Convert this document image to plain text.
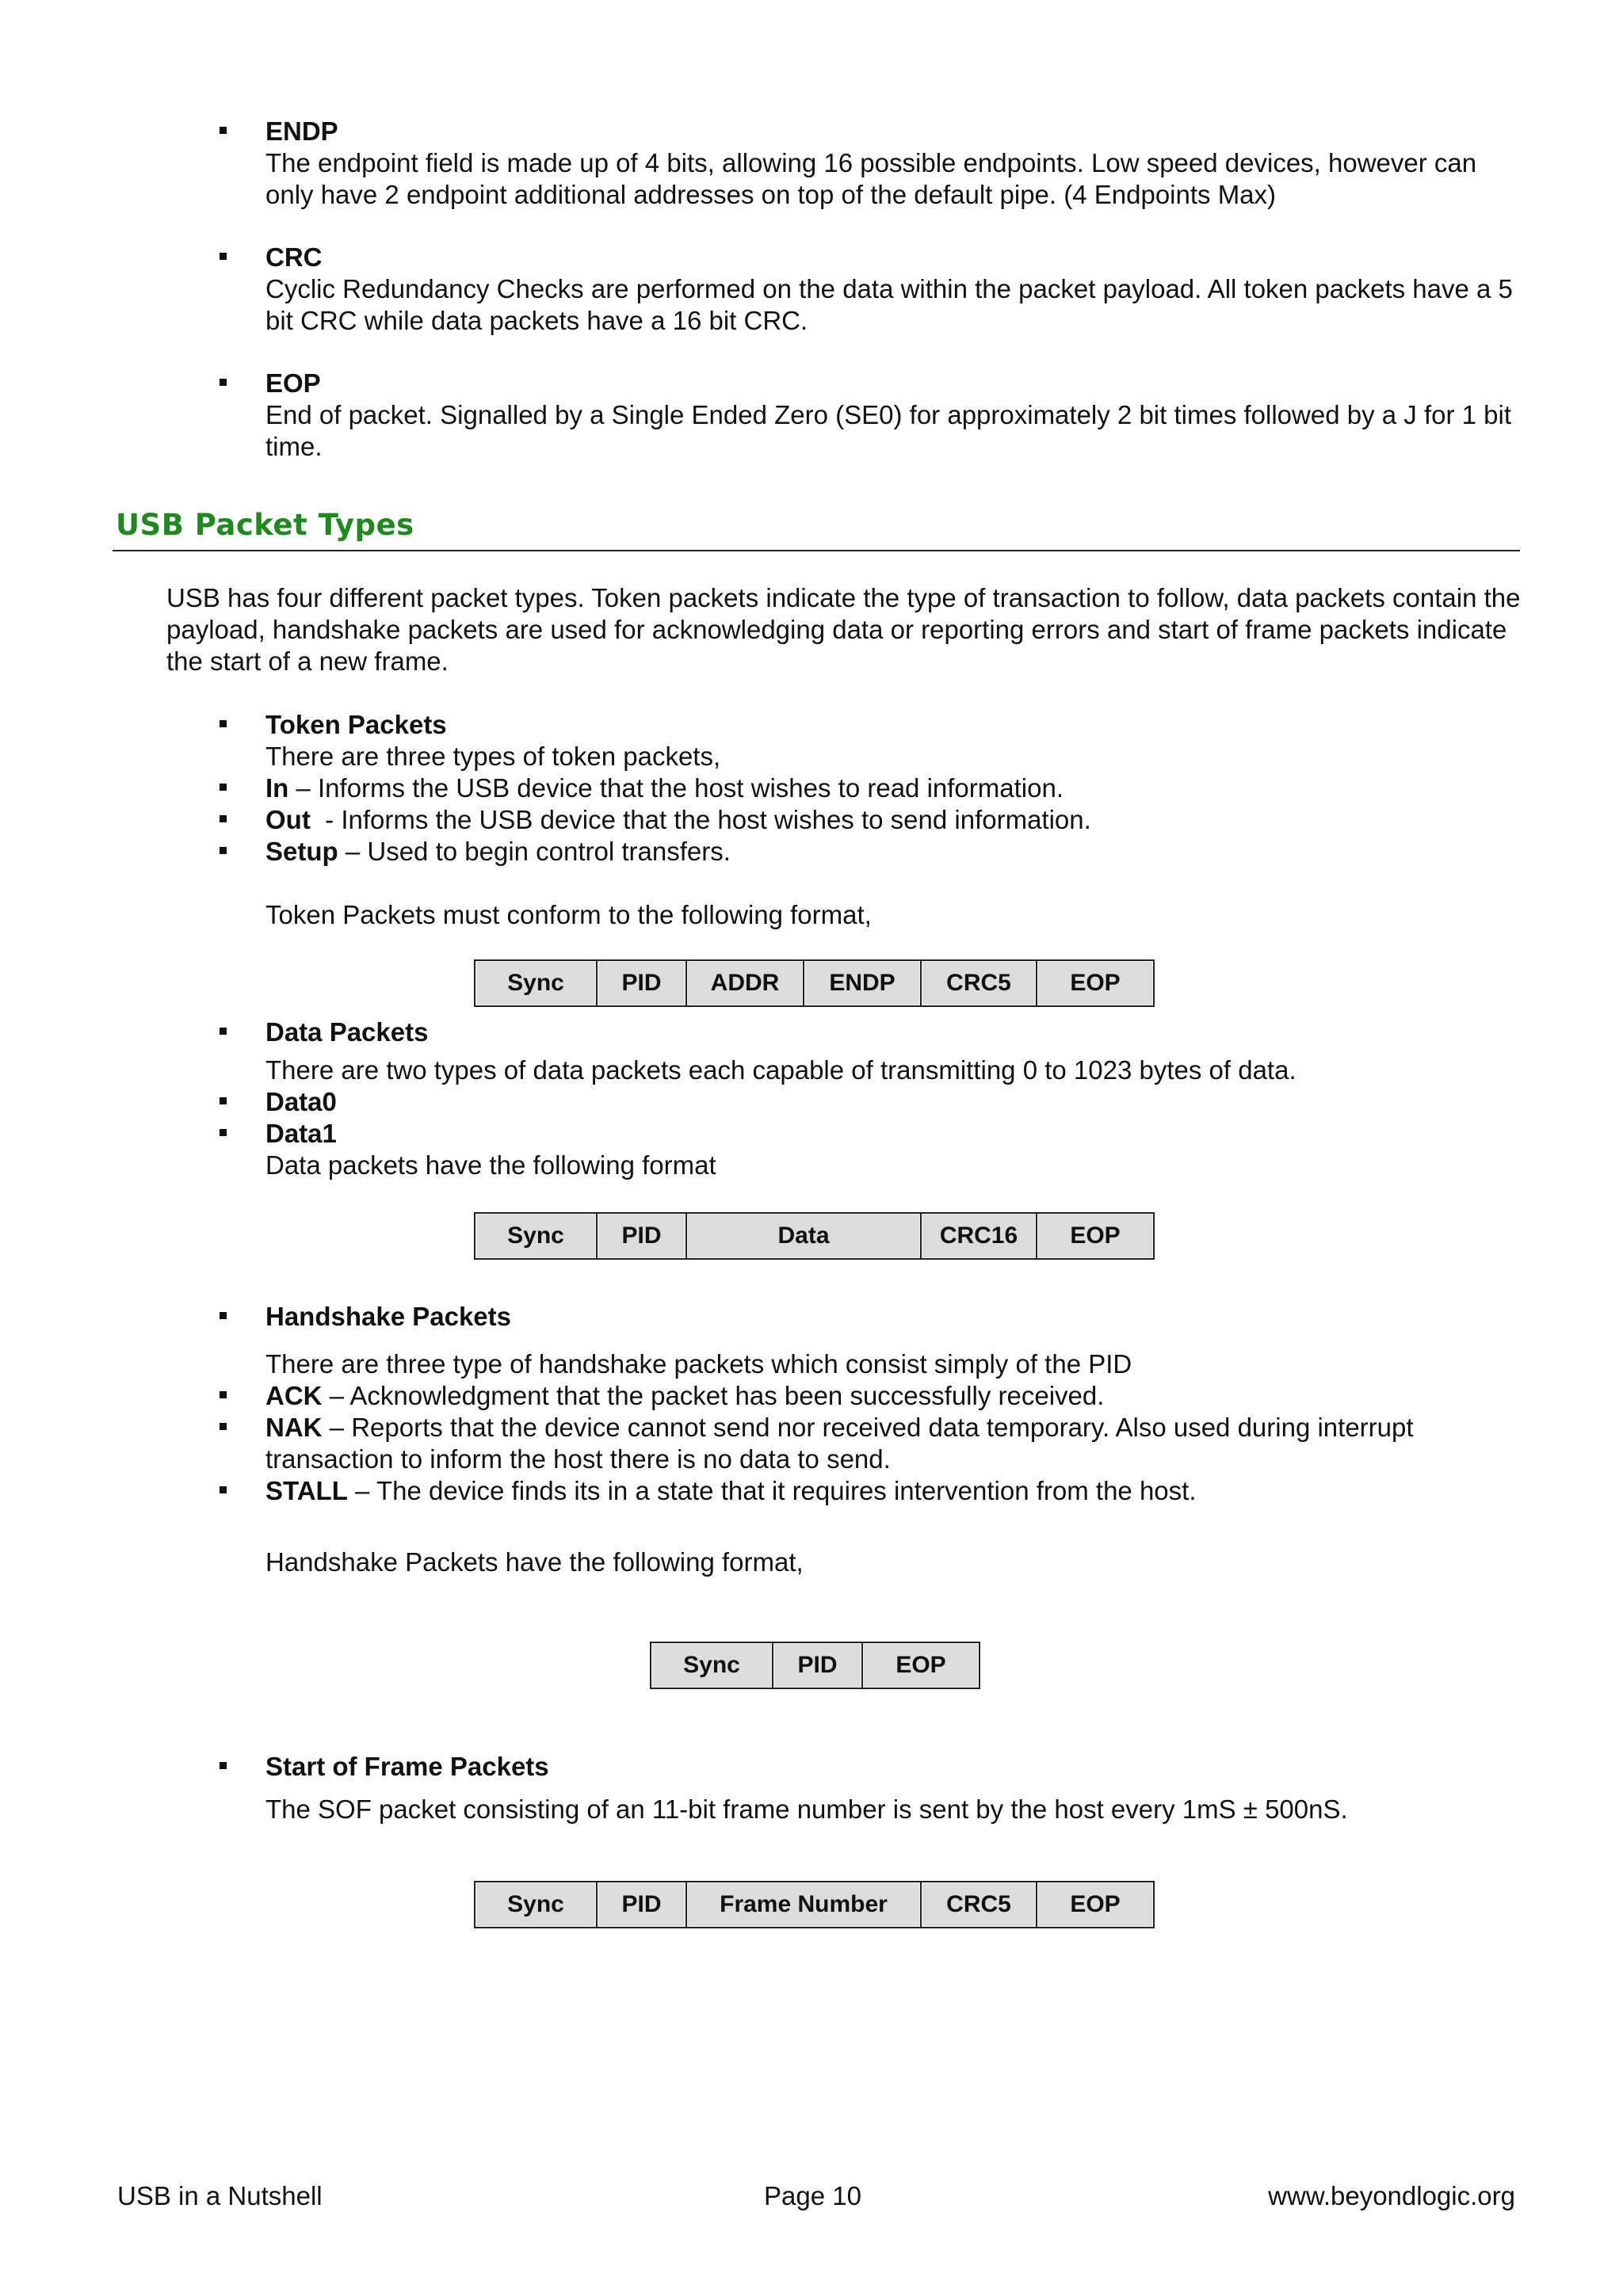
ENDP
The endpoint field is made up of 4 bits, allowing 16 possible endpoints. Low speed devices, however can only have 2 endpoint additional addresses on top of the default pipe. (4 Endpoints Max)
CRC
Cyclic Redundancy Checks are performed on the data within the packet payload. All token packets have a 5 bit CRC while data packets have a 16 bit CRC.
EOP
End of packet. Signalled by a Single Ended Zero (SE0) for approximately 2 bit times followed by a J for 1 bit time.
USB Packet Types
USB has four different packet types. Token packets indicate the type of transaction to follow, data packets contain the payload, handshake packets are used for acknowledging data or reporting errors and start of frame packets indicate the start of a new frame.
Token Packets
There are three types of token packets,
In – Informs the USB device that the host wishes to read information.
Out  - Informs the USB device that the host wishes to send information.
Setup – Used to begin control transfers.
Token Packets must conform to the following format,
Sync	PID	ADDR	ENDP	CRC5	EOP
Data Packets
There are two types of data packets each capable of transmitting 0 to 1023 bytes of data.
Data0
Data1
Data packets have the following format
Sync	PID	Data	CRC16	EOP
Handshake Packets
There are three type of handshake packets which consist simply of the PID
ACK – Acknowledgment that the packet has been successfully received.
NAK – Reports that the device cannot send nor received data temporary. Also used during interrupt transaction to inform the host there is no data to send.
STALL – The device finds its in a state that it requires intervention from the host.
Handshake Packets have the following format,
Sync	PID	EOP
Start of Frame Packets
The SOF packet consisting of an 11-bit frame number is sent by the host every 1mS ± 500nS.
Sync	PID	Frame Number	CRC5	EOP
USB in a Nutshell	Page 10	www.beyondlogic.org
